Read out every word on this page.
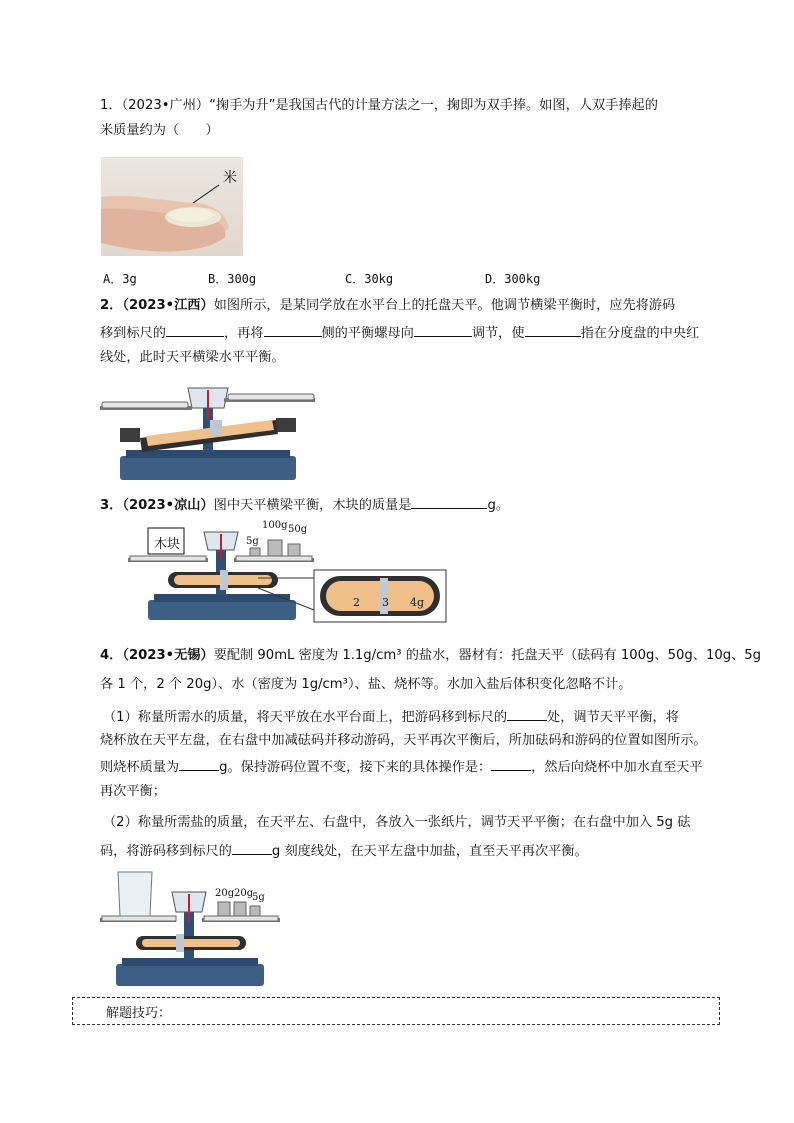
1．（2023•广州）“掬手为升”是我国古代的计量方法之一，掬即为双手捧。如图，人双手捧起的
米质量约为（　　）
米
A．3g	B．300g	C．30kg	D．300kg
2．（2023•江西）如图所示，是某同学放在水平台上的托盘天平。他调节横梁平衡时，应先将游码
移到标尺的	，再将	侧的平衡螺母向	调节，使	指在分度盘的中央红
线处，此时天平横梁水平平衡。
3．（2023•凉山）图中天平横梁平衡，木块的质量是	g。
木块
100g 50g
5g
2 3 4g
4．（2023•无锡）要配制 90mL 密度为 1.1g/cm³ 的盐水，器材有：托盘天平（砝码有 100g、50g、10g、5g
各 1 个，2 个 20g）、水（密度为 1g/cm³）、盐、烧杯等。水加入盐后体积变化忽略不计。
（1）称量所需水的质量，将天平放在水平台面上，把游码移到标尺的	处，调节天平平衡，将
烧杯放在天平左盘，在右盘中加减砝码并移动游码，天平再次平衡后，所加砝码和游码的位置如图所示。
则烧杯质量为	g。保持游码位置不变，接下来的具体操作是：	，然后向烧杯中加水直至天平
再次平衡；
（2）称量所需盐的质量，在天平左、右盘中，各放入一张纸片，调节天平平衡；在右盘中加入 5g 砝
码，将游码移到标尺的	g 刻度线处，在天平左盘中加盐，直至天平再次平衡。
20g 20g
5g
解题技巧：
